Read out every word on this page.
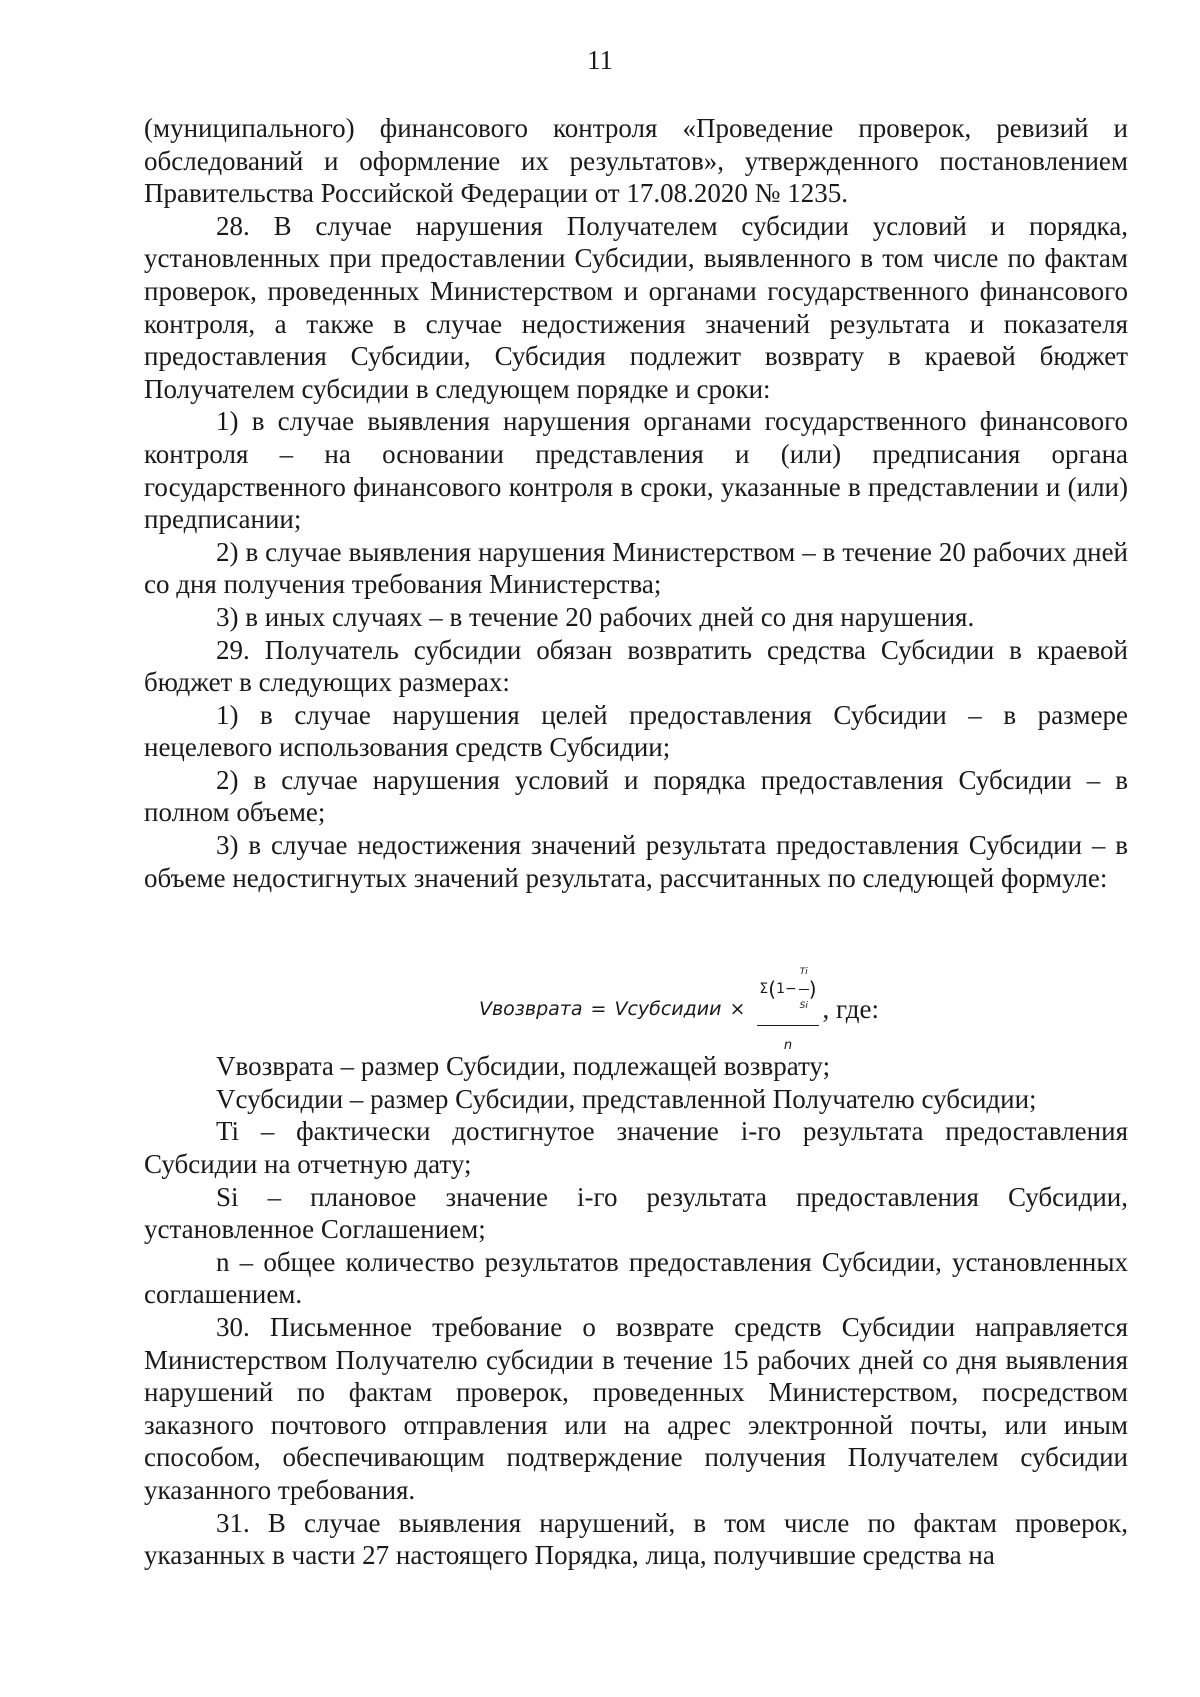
11

(муниципального) финансового контроля «Проведение проверок, ревизий и обследований и оформление их результатов», утвержденного постановлением Правительства Российской Федерации от 17.08.2020 № 1235.

28. В случае нарушения Получателем субсидии условий и порядка, установленных при предоставлении Субсидии, выявленного в том числе по фактам проверок, проведенных Министерством и органами государственного финансового контроля, а также в случае недостижения значений результата и показателя предоставления Субсидии, Субсидия подлежит возврату в краевой бюджет Получателем субсидии в следующем порядке и сроки:

1) в случае выявления нарушения органами государственного финансового контроля – на основании представления и (или) предписания органа государственного финансового контроля в сроки, указанные в представлении и (или) предписании;

2) в случае выявления нарушения Министерством – в течение 20 рабочих дней со дня получения требования Министерства;

3) в иных случаях – в течение 20 рабочих дней со дня нарушения.

29. Получатель субсидии обязан возвратить средства Субсидии в краевой бюджет в следующих размерах:

1) в случае нарушения целей предоставления Субсидии – в размере нецелевого использования средств Субсидии;

2) в случае нарушения условий и порядка предоставления Субсидии – в полном объеме;

3) в случае недостижения значений результата предоставления Субсидии – в объеме недостигнутых значений результата, рассчитанных по следующей формуле:

Vвозврата = Vсубсидии ×
Σ ( $1- \frac{Ti}{Si}$ )
n
, где:

Vвозврата – размер Субсидии, подлежащей возврату;

Vсубсидии – размер Субсидии, представленной Получателю субсидии;

Ti – фактически достигнутое значение i-го результата предоставления Субсидии на отчетную дату;

Si – плановое значение i-го результата предоставления Субсидии, установленное Соглашением;

n – общее количество результатов предоставления Субсидии, установленных соглашением.

30. Письменное требование о возврате средств Субсидии направляется Министерством Получателю субсидии в течение 15 рабочих дней со дня выявления нарушений по фактам проверок, проведенных Министерством, посредством заказного почтового отправления или на адрес электронной почты, или иным способом, обеспечивающим подтверждение получения Получателем субсидии указанного требования.

31. В случае выявления нарушений, в том числе по фактам проверок, указанных в части 27 настоящего Порядка, лица, получившие средства на
